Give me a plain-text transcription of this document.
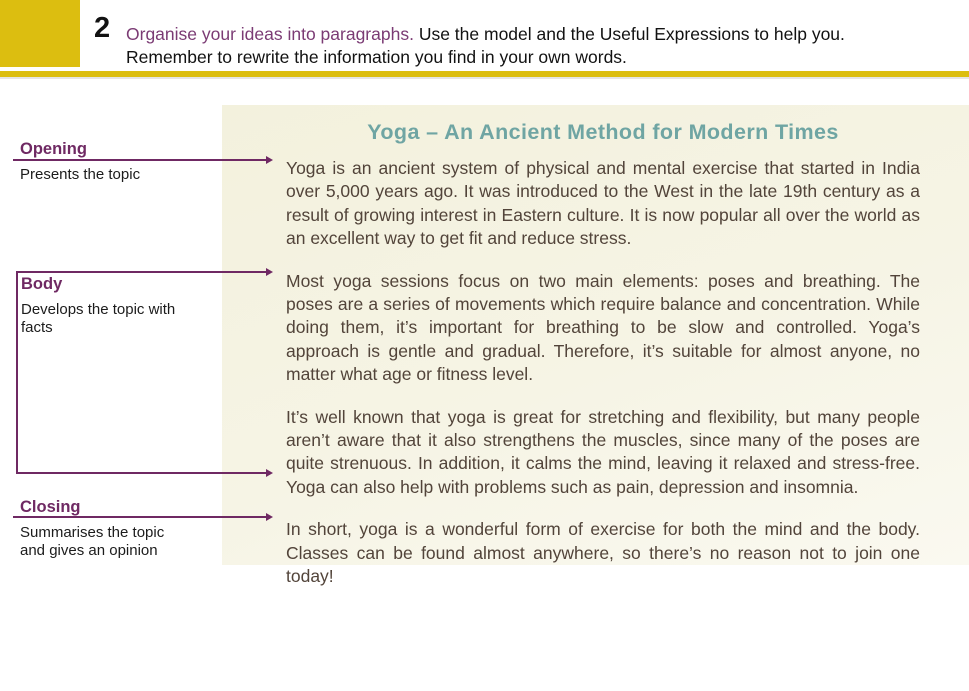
2 Organise your ideas into paragraphs. Use the model and the Useful Expressions to help you.
Remember to rewrite the information you find in your own words.

Yoga – An Ancient Method for Modern Times

Yoga is an ancient system of physical and mental exercise that started in India over 5,000 years ago. It was introduced to the West in the late 19th century as a result of growing interest in Eastern culture. It is now popular all over the world as an excellent way to get fit and reduce stress.

Most yoga sessions focus on two main elements: poses and breathing. The poses are a series of movements which require balance and concentration. While doing them, it’s important for breathing to be slow and controlled. Yoga’s approach is gentle and gradual. Therefore, it’s suitable for almost anyone, no matter what age or fitness level.

It’s well known that yoga is great for stretching and flexibility, but many people aren’t aware that it also strengthens the muscles, since many of the poses are quite strenuous. In addition, it calms the mind, leaving it relaxed and stress-free. Yoga can also help with problems such as pain, depression and insomnia.

In short, yoga is a wonderful form of exercise for both the mind and the body. Classes can be found almost anywhere, so there’s no reason not to join one today!

Opening
Presents the topic
Body
Develops the topic with facts
Closing
Summarises the topic and gives an opinion
